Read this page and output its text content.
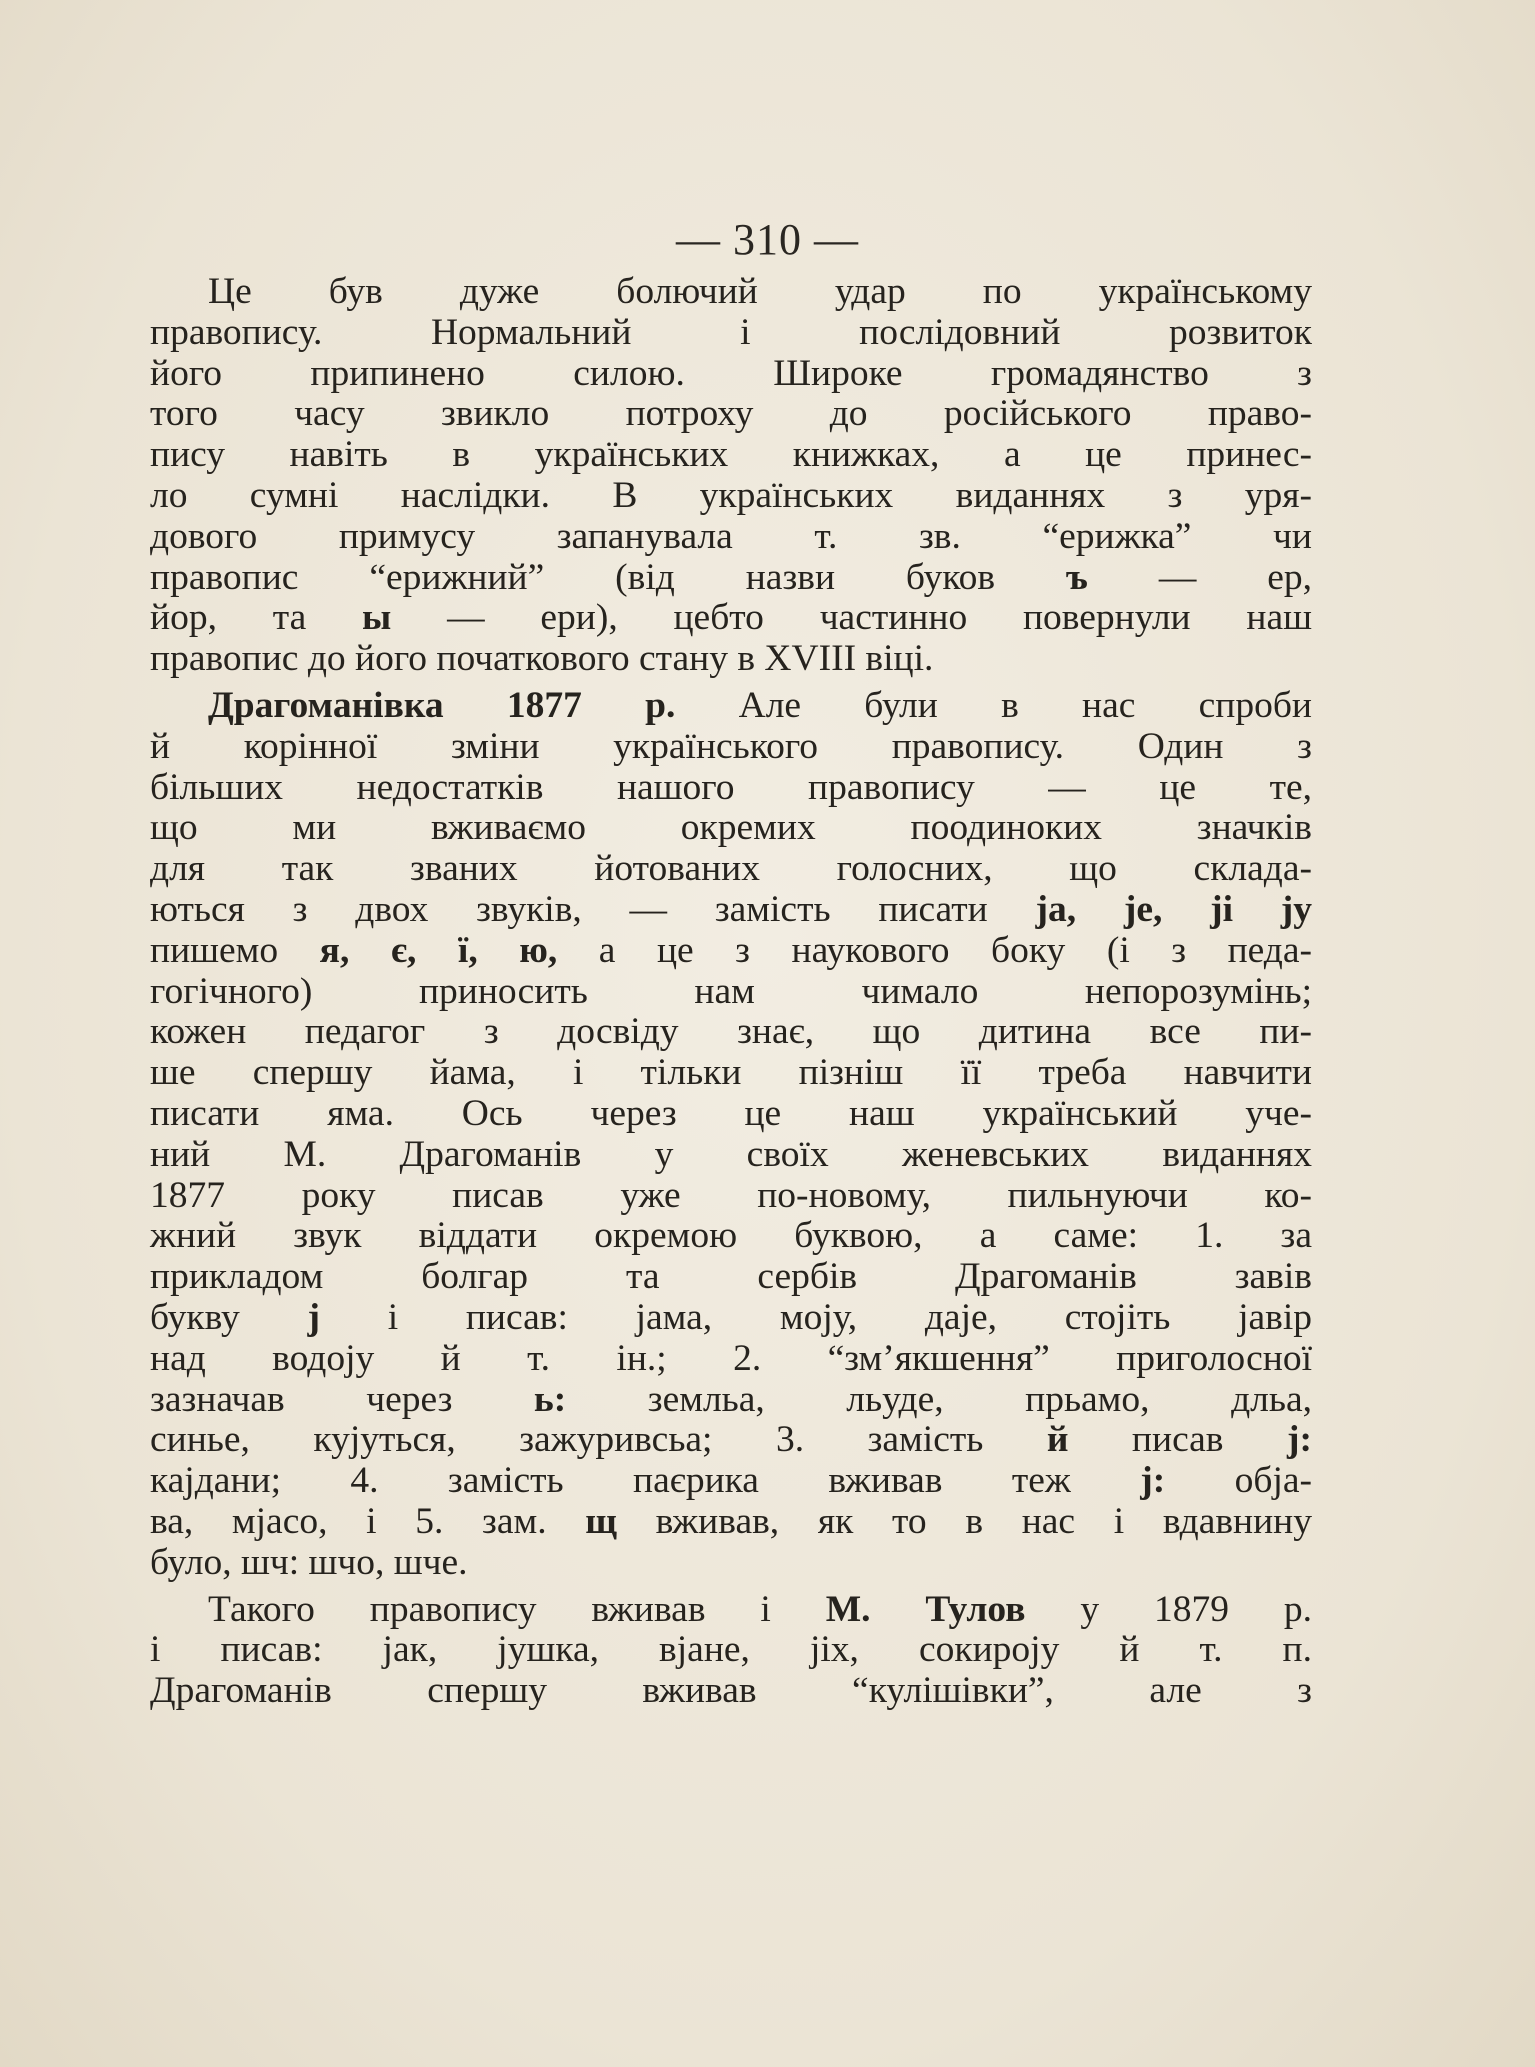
— 310 —
Це був дуже болючий удар по українському
правопису. Нормальний і послідовний розвиток
його припинено силою. Широке громадянство з
того часу звикло потроху до російського право-
пису навіть в українських книжках, а це принес-
ло сумні наслідки. В українських виданнях з уря-
дового примусу запанувала т. зв. “ерижка” чи
правопис “ерижний” (від назви буков ъ — ер,
йор, та ы — ери), цебто частинно повернули наш
правопис до його початкового стану в XVIII віці.
Драгоманівка 1877 р. Але були в нас спроби
й корінної зміни українського правопису. Один з
більших недостатків нашого правопису — це те,
що ми вживаємо окремих поодиноких значків
для так званих йотованих голосних, що склада-
ються з двох звуків, — замість писати ja, je, ji ју
пишемо я, є, ї, ю, а це з наукового боку (і з педа-
гогічного) приносить нам чимало непорозумінь;
кожен педагог з досвіду знає, що дитина все пи-
ше спершу йама, і тільки пізніш її треба навчити
писати яма. Ось через це наш український уче-
ний М. Драгоманів у своїх женевських виданнях
1877 року писав уже по-новому, пильнуючи ко-
жний звук віддати окремою буквою, а саме: 1. за
прикладом болгар та сербів Драгоманів завів
букву j і писав: јама, моју, даје, стоjiть јавір
над водоју й т. ін.; 2. “зм’якшення” приголосної
зазначав через ь: земльа, льуде, прьамо, дльа,
синье, кујуться, зажуривсьа; 3. замість й писав j:
кајдани; 4. замість паєрика вживав теж j: обја-
ва, мјасо, і 5. зам. щ вживав, як то в нас і вдавнину
було, шч: шчо, шче.
Такого правопису вживав і М. Тулов у 1879 р.
і писав: јак, јушка, вјане, jiх, сокироју й т. п.
Драгоманів спершу вживав “кулішівки”, але з
